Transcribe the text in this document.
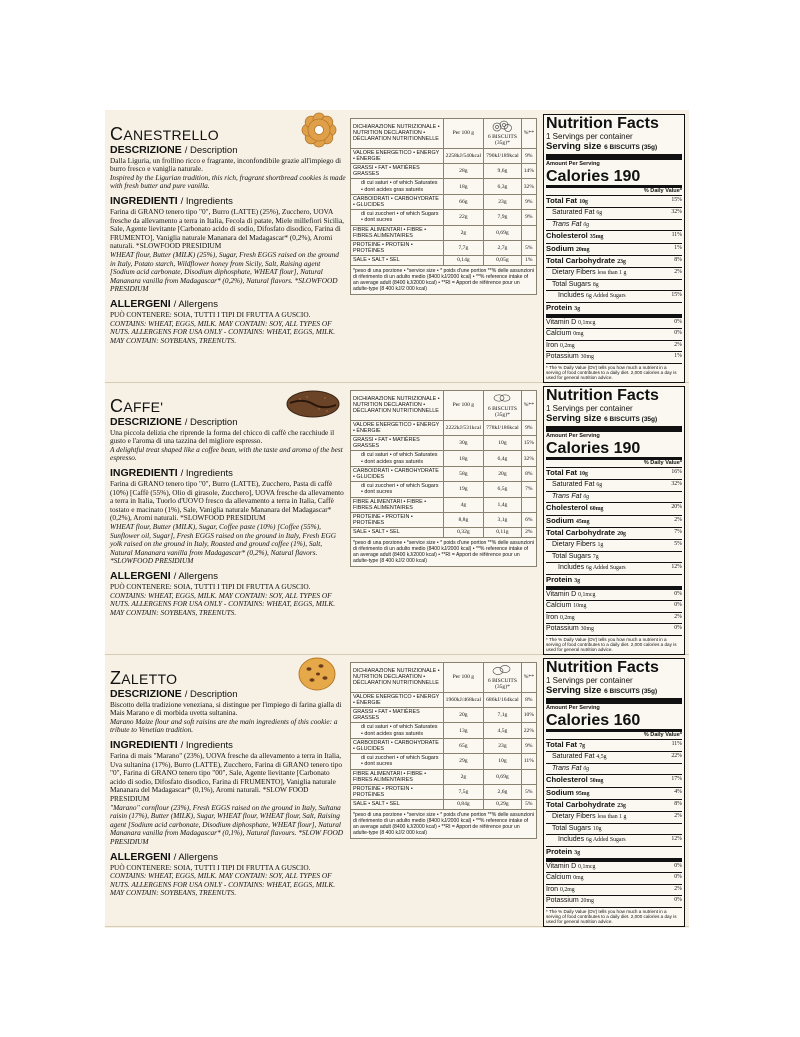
CANESTRELLO
DESCRIZIONE / Description

Dalla Liguria, un frollino ricco e fragrante, inconfondibile grazie all'impiego di burro fresco e vaniglia naturale.

Inspired by the Ligurian tradition, this rich, fragrant shortbread cookies is made with fresh butter and pure vanilla.

INGREDIENTI / Ingredients

Farina di GRANO tenero tipo "0", Burro (LATTE) (25%), Zucchero, UOVA fresche da allevamento a terra in Italia, Fecola di patate, Miele millefiori Sicilia, Sale, Agente lievitante [Carbonato acido di sodio, Difosfato disodico, Farina di FRUMENTO], Vaniglia naturale Mananara del Madagascar* (0,2%), Aromi naturali. *SLOWFOOD PRESIDIUM

WHEAT flour, Butter (MILK) (25%), Sugar, Fresh EGGS raised on the ground in Italy, Potato starch, Wildflower honey from Sicily, Salt, Raising agent [Sodium acid carbonate, Disodium diphosphate, WHEAT flour], Natural Mananara vanilla from Madagascar* (0,2%), Natural flavors. *SLOWFOOD PRESIDIUM

ALLERGENI / Allergens

PUÒ CONTENERE: SOIA, TUTTI I TIPI DI FRUTTA A GUSCIO.

CONTAINS: WHEAT, EGGS, MILK. MAY CONTAIN: SOY, ALL TYPES OF NUTS. ALLERGENS FOR USA ONLY - CONTAINS: WHEAT, EGGS, MILK. MAY CONTAIN: SOYBEANS, TREENUTS.

DICHIARAZIONE NUTRIZIONALE • NUTRITION DECLARATION • DÉCLARATION NUTRITIONNELLE	Per 100 g	6 BISCUITS (35g)*	%**
VALORE ENERGETICO • ENERGY • ÉNERGIE	2258kJ/540kcal	790kJ/189kcal	9%
GRASSI • FAT • MATIÈRES GRASSES	28g	9,6g	14%
di cui saturi • of which Saturates • dont acides gras saturés	18g	6,3g	32%
CARBOIDRATI • CARBOHYDRATE • GLUCIDES	66g	23g	9%
di cui zuccheri • of which Sugars • dont sucres	22g	7,9g	9%
FIBRE ALIMENTARI • FIBRE • FIBRES ALIMENTAIRES	2g	0,69g	
PROTEINE • PROTEIN • PROTÉINES	7,7g	2,7g	5%
SALE • SALT • SEL	0,14g	0,05g	1%
*peso di una porzione • *service size • * poids d'une portion **% delle assunzioni di riferimento di un adulto medio (8400 kJ/2000 kcal) • **% reference intake of an average adult (8400 kJ/2000 kcal) • **RI = Apport de référence pour un adulte-type (8 400 kJ/2 000 kcal)			
Nutrition Facts
1 Servings per container
Serving size 6 BISCUITS (35g)
Amount Per Serving
Calories 190
% Daily Value*
Total Fat 10g	15%
Saturated Fat 6g	32%
Trans Fat 0g
Cholesterol 35mg	11%
Sodium 20mg	1%
Total Carbohydrate 23g	8%
Dietary Fibers less than 1 g	2%
Total Sugars 8g
Includes 6g Added Sugars	15%
Protein 3g
Vitamin D 0,1mcg	0%
Calcium 0mg	0%
Iron 0,2mg	2%
Potassium 30mg	1%
* The % Daily Value (DV) tells you how much a nutrient in a serving of food contributes to a daily diet. 2,000 calories a day is used for general nutrition advice.
CAFFE'
DESCRIZIONE / Description

Una piccola delizia che riprende la forma del chicco di caffè che racchiude il gusto e l'aroma di una tazzina del migliore espresso.

A delightful treat shaped like a coffee bean, with the taste and aroma of the best espresso.

INGREDIENTI / Ingredients

Farina di GRANO tenero tipo "0", Burro (LATTE), Zucchero, Pasta di caffè (10%) [Caffè (55%), Olio di girasole, Zucchero], UOVA fresche da allevamento a terra in Italia, Tuorlo d'UOVO fresco da allevamento a terra in Italia, Caffè tostato e macinato (1%), Sale, Vaniglia naturale Mananara del Madagascar* (0,2%), Aromi naturali. *SLOWFOOD PRESIDIUM

WHEAT flour, Butter (MILK), Sugar, Coffee paste (10%) [Coffee (55%), Sunflower oil, Sugar], Fresh EGGS raised on the ground in Italy, Fresh EGG yolk raised on the ground in Italy, Roasted and ground coffee (1%), Salt, Natural Mananara vanilla from Madagascar* (0,2%), Natural flavors. *SLOWFOOD PRESIDIUM

ALLERGENI / Allergens

PUÒ CONTENERE: SOIA, TUTTI I TIPI DI FRUTTA A GUSCIO.

CONTAINS: WHEAT, EGGS, MILK. MAY CONTAIN: SOY, ALL TYPES OF NUTS. ALLERGENS FOR USA ONLY - CONTAINS: WHEAT, EGGS, MILK. MAY CONTAIN: SOYBEANS, TREENUTS.

DICHIARAZIONE NUTRIZIONALE • NUTRITION DECLARATION • DÉCLARATION NUTRITIONNELLE	Per 100 g	6 BISCUITS (35g)*	%**
VALORE ENERGETICO • ENERGY • ÉNERGIE	2222kJ/531kcal	778kJ/186kcal	9%
GRASSI • FAT • MATIÈRES GRASSES	30g	10g	15%
di cui saturi • of which Saturates • dont acides gras saturés	18g	6,4g	32%
CARBOIDRATI • CARBOHYDRATE • GLUCIDES	58g	20g	8%
di cui zuccheri • of which Sugars • dont sucres	19g	6,5g	7%
FIBRE ALIMENTARI • FIBRE • FIBRES ALIMENTAIRES	4g	1,4g	
PROTEINE • PROTEIN • PROTÉINES	8,8g	3,1g	6%
SALE • SALT • SEL	0,32g	0,11g	2%
*peso di una porzione • *service size • * poids d'une portion **% delle assunzioni di riferimento di un adulto medio (8400 kJ/2000 kcal) • **% reference intake of an average adult (8400 kJ/2000 kcal) • **RI = Apport de référence pour un adulte-type (8 400 kJ/2 000 kcal)			
Nutrition Facts
1 Servings per container
Serving size 6 BISCUITS (35g)
Amount Per Serving
Calories 190
% Daily Value*
Total Fat 10g	16%
Saturated Fat 6g	32%
Trans Fat 0g
Cholesterol 60mg	20%
Sodium 45mg	2%
Total Carbohydrate 20g	7%
Dietary Fibers 1g	5%
Total Sugars 7g
Includes 6g Added Sugars	12%
Protein 3g
Vitamin D 0,1mcg	0%
Calcium 10mg	0%
Iron 0,2mg	2%
Potassium 30mg	0%
* The % Daily Value (DV) tells you how much a nutrient in a serving of food contributes to a daily diet. 2,000 calories a day is used for general nutrition advice.
ZALETTO
DESCRIZIONE / Description

Biscotto della tradizione veneziana, si distingue per l'impiego di farina gialla di Mais Marano e di morbida uvetta sultanina.

Marano Maize flour and soft raisins are the main ingredients of this cookie: a tribute to Venetian tradition.

INGREDIENTI / Ingredients

Farina di mais "Marano" (23%), UOVA fresche da allevamento a terra in Italia, Uva sultanina (17%), Burro (LATTE), Zucchero, Farina di GRANO tenero tipo "0", Farina di GRANO tenero tipo "00", Sale, Agente lievitante [Carbonato acido di sodio, Difosfato disodico, Farina di FRUMENTO], Vaniglia naturale Mananara del Madagascar* (0,1%), Aromi naturali. *SLOW FOOD PRESIDIUM

"Marano" cornflour (23%), Fresh EGGS raised on the ground in Italy, Sultana raisin (17%), Butter (MILK), Sugar, WHEAT flour, WHEAT flour, Salt, Raising agent [Sodium acid carbonate, Disodium diphosphate, WHEAT flour], Natural Mananara vanilla from Madagascar* (0,1%), Natural flavours. *SLOW FOOD PRESIDIUM

ALLERGENI / Allergens

PUÒ CONTENERE: SOIA, TUTTI I TIPI DI FRUTTA A GUSCIO.

CONTAINS: WHEAT, EGGS, MILK. MAY CONTAIN: SOY, ALL TYPES OF NUTS. ALLERGENS FOR USA ONLY - CONTAINS: WHEAT, EGGS, MILK. MAY CONTAIN: SOYBEANS, TREENUTS.

DICHIARAZIONE NUTRIZIONALE • NUTRITION DECLARATION • DÉCLARATION NUTRITIONNELLE	Per 100 g	6 BISCUITS (35g)*	%**
VALORE ENERGETICO • ENERGY • ÉNERGIE	1960kJ/468kcal	686kJ/164kcal	8%
GRASSI • FAT • MATIÈRES GRASSES	20g	7,1g	10%
di cui saturi • of which Saturates • dont acides gras saturés	13g	4,5g	22%
CARBOIDRATI • CARBOHYDRATE • GLUCIDES	65g	23g	9%
di cui zuccheri • of which Sugars • dont sucres	29g	10g	11%
FIBRE ALIMENTARI • FIBRE • FIBRES ALIMENTAIRES	2g	0,69g	
PROTEINE • PROTEIN • PROTÉINES	7,5g	2,6g	5%
SALE • SALT • SEL	0,84g	0,29g	5%
*peso di una porzione • *service size • * poids d'une portion **% delle assunzioni di riferimento di un adulto medio (8400 kJ/2000 kcal) • **% reference intake of an average adult (8400 kJ/2000 kcal) • **RI = Apport de référence pour un adulte-type (8 400 kJ/2 000 kcal)			
Nutrition Facts
1 Servings per container
Serving size 6 BISCUITS (35g)
Amount Per Serving
Calories 160
% Daily Value*
Total Fat 7g	11%
Saturated Fat 4,5g	22%
Trans Fat 0g
Cholesterol 50mg	17%
Sodium 95mg	4%
Total Carbohydrate 23g	8%
Dietary Fibers less than 1 g	2%
Total Sugars 10g
Includes 6g Added Sugars	12%
Protein 3g
Vitamin D 0,1mcg	0%
Calcium 0mg	0%
Iron 0,2mg	2%
Potassium 20mg	0%
* The % Daily Value (DV) tells you how much a nutrient in a serving of food contributes to a daily diet. 2,000 calories a day is used for general nutrition advice.
